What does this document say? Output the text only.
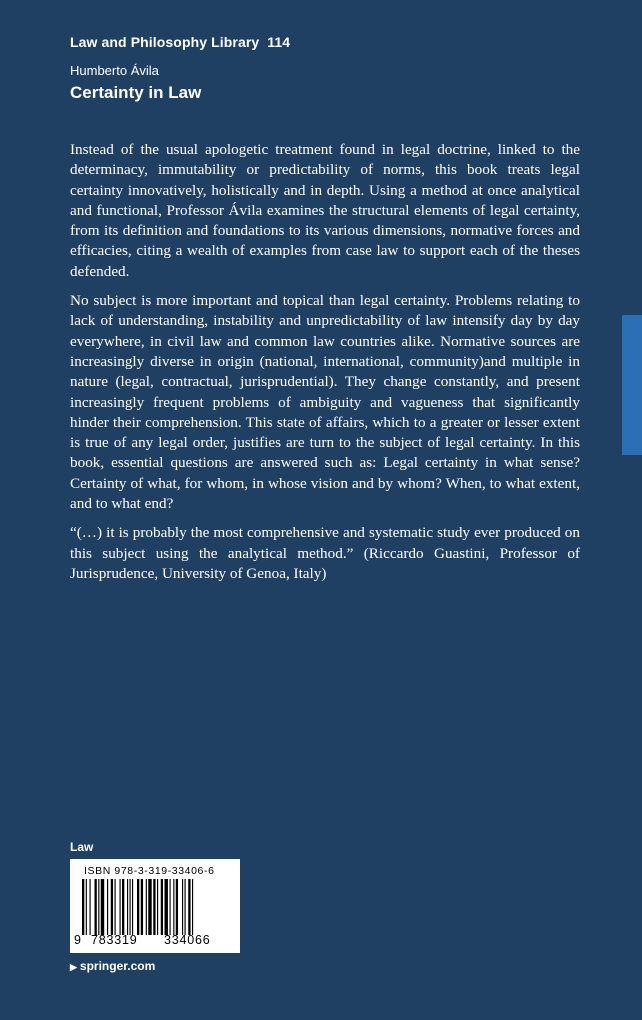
Law and Philosophy Library 114
Humberto Ávila
Certainty in Law

Instead of the usual apologetic treatment found in legal doctrine, linked to the determinacy, immutability or predictability of norms, this book treats legal certainty innovatively, holistically and in depth. Using a method at once analytical and functional, Professor Ávila examines the structural elements of legal certainty, from its definition and foundations to its various dimensions, normative forces and efficacies, citing a wealth of examples from case law to support each of the theses defended.

No subject is more important and topical than legal certainty. Problems relating to lack of understanding, instability and unpredictability of law intensify day by day everywhere, in civil law and common law countries alike. Normative sources are increasingly diverse in origin (national, international, community)and multiple in nature (legal, contractual, jurisprudential). They change constantly, and present increasingly frequent problems of ambiguity and vagueness that significantly hinder their comprehension. This state of affairs, which to a greater or lesser extent is true of any legal order, justifies are turn to the subject of legal certainty. In this book, essential questions are answered such as: Legal certainty in what sense? Certainty of what, for whom, in whose vision and by whom? When, to what extent, and to what end?

“(…) it is probably the most comprehensive and systematic study ever produced on this subject using the analytical method.” (Riccardo Guastini, Professor of Jurisprudence, University of Genoa, Italy)

Law
ISBN 978-3-319-33406-6
9 783319 334066
▶ springer.com
